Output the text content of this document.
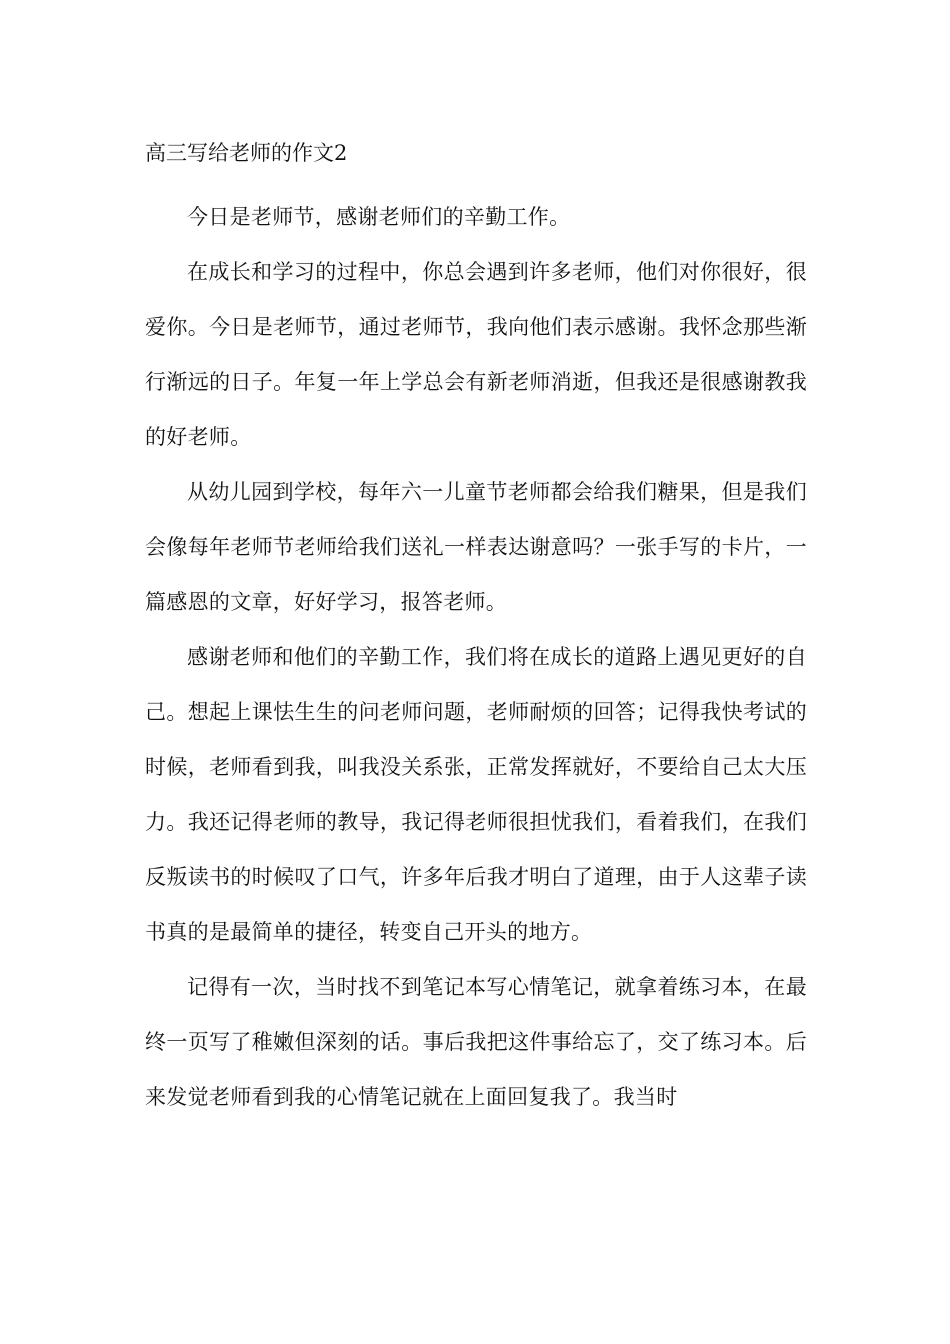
高三写给老师的作文2

今日是老师节，感谢老师们的辛勤工作。

在成长和学习的过程中，你总会遇到许多老师，他们对你很好，很爱你。今日是老师节，通过老师节，我向他们表示感谢。我怀念那些渐行渐远的日子。年复一年上学总会有新老师消逝，但我还是很感谢教我的好老师。

从幼儿园到学校，每年六一儿童节老师都会给我们糖果，但是我们会像每年老师节老师给我们送礼一样表达谢意吗？一张手写的卡片，一篇感恩的文章，好好学习，报答老师。

感谢老师和他们的辛勤工作，我们将在成长的道路上遇见更好的自己。想起上课怯生生的问老师问题，老师耐烦的回答；记得我快考试的时候，老师看到我，叫我没关系张，正常发挥就好，不要给自己太大压力。我还记得老师的教导，我记得老师很担忧我们，看着我们，在我们反叛读书的时候叹了口气，许多年后我才明白了道理，由于人这辈子读书真的是最简单的捷径，转变自己开头的地方。

记得有一次，当时找不到笔记本写心情笔记，就拿着练习本，在最终一页写了稚嫩但深刻的话。事后我把这件事给忘了，交了练习本。后来发觉老师看到我的心情笔记就在上面回复我了。我当时
